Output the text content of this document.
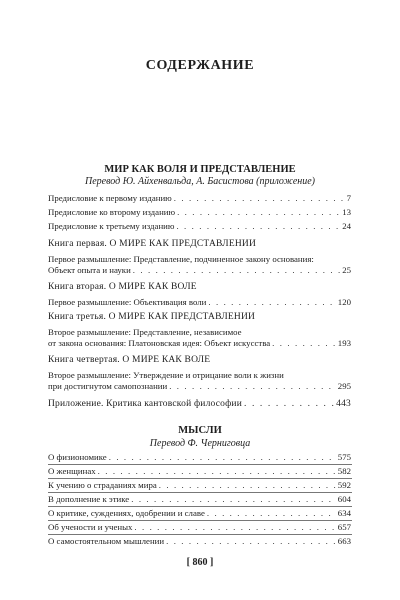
СОДЕРЖАНИЕ
МИР КАК ВОЛЯ И ПРЕДСТАВЛЕНИЕ
Перевод Ю. Айхенвальда, А. Басистова (приложение)
Предисловие к первому изданию . . .	7
Предисловие ко второму изданию . . .	13
Предисловие к третьему изданию . . .	24
Книга первая. О МИРЕ КАК ПРЕДСТАВЛЕНИИ
Первое размышление: Представление, подчиненное закону основания:
Объект опыта и науки . . .	25
Книга вторая. О МИРЕ КАК ВОЛЕ
Первое размышление: Объективация воли . . .	120
Книга третья. О МИРЕ КАК ПРЕДСТАВЛЕНИИ
Второе размышление: Представление, независимое
от закона основания: Платоновская идея: Объект искусства . . .	193
Книга четвертая. О МИРЕ КАК ВОЛЕ
Второе размышление: Утверждение и отрицание воли к жизни
при достигнутом самопознании . . .	295
Приложение. Критика кантовской философии . . .	443
МЫСЛИ
Перевод Ф. Черниговца
О физиономике . . .	575
О женщинах . . .	582
К учению о страданиях мира . . .	592
В дополнение к этике . . .	604
О критике, суждениях, одобрении и славе . . .	634
Об учености и ученых . . .	657
О самостоятельном мышлении . . .	663
[ 860 ]
